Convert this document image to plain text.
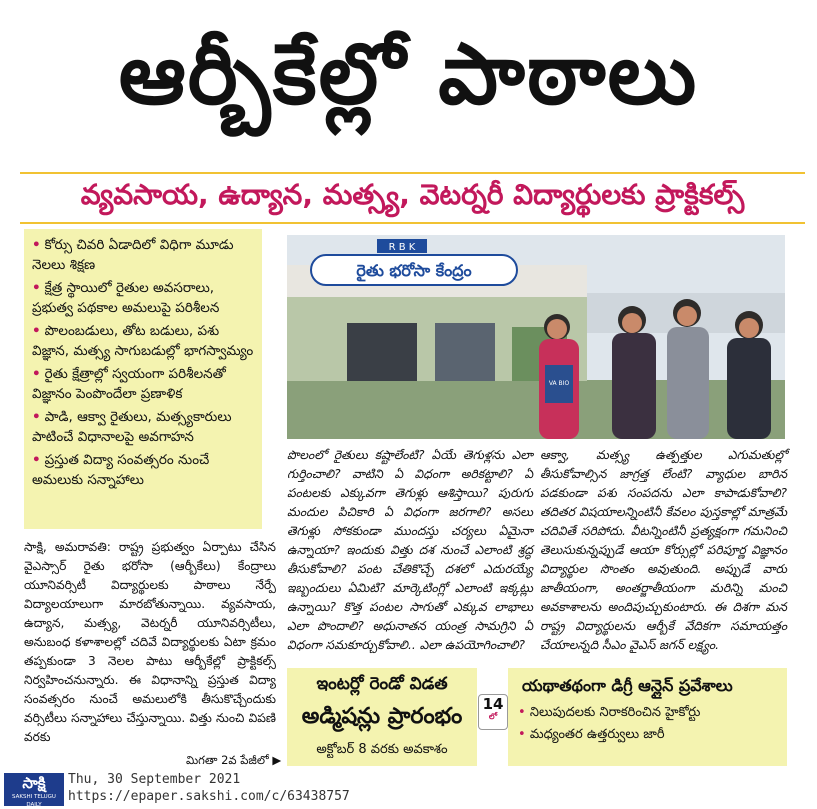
ఆర్బీకేల్లో పాఠాలు
వ్యవసాయ, ఉద్యాన, మత్స్య, వెటర్నరీ విద్యార్థులకు ప్రాక్టికల్స్
• కోర్సు చివరి ఏడాదిలో విధిగా మూడు నెలలు శిక్షణ
• క్షేత్ర స్థాయిలో రైతుల అవసరాలు, ప్రభుత్వ పథకాల అమలుపై పరిశీలన
• పొలంబడులు, తోట బడులు, పశు విజ్ఞాన, మత్స్య సాగుబడుల్లో భాగస్వామ్యం
• రైతు క్షేత్రాల్లో స్వయంగా పరిశీలనతో విజ్ఞానం పెంపొందేలా ప్రణాళిక
• పాడి, ఆక్వా రైతులు, మత్స్యకారులు పాటించే విధానాలపై అవగాహన
• ప్రస్తుత విద్యా సంవత్సరం నుంచే అమలుకు సన్నాహాలు
R B K
రైతు భరోసా కేంద్రం
VA BIO
పొలంలో రైతులు కష్టాలేంటి? ఏయే తెగుళ్లను ఎలా గుర్తించాలి? వాటిని ఏ విధంగా అరికట్టాలి? ఏ పంటలకు ఎక్కువగా తెగుళ్లు ఆశిస్తాయి? పురుగు మందుల పిచికారి ఏ విధంగా జరగాలి? అసలు తెగుళ్లు సోకకుండా ముందస్తు చర్యలు ఏమైనా ఉన్నాయా? ఇందుకు విత్తు దశ నుంచే ఎలాంటి శ్రద్ధ తీసుకోవాలి? పంట చేతికొచ్చే దశలో ఎదురయ్యే ఇబ్బందులు ఏమిటి? మార్కెటింగ్లో ఎలాంటి ఇక్కట్లు ఉన్నాయి? కొత్త పంటల సాగుతో ఎక్కువ లాభాలు ఎలా పొందాలి? అధునాతన యంత్ర సామగ్రిని ఏ విధంగా సమకూర్చుకోవాలి.. ఎలా ఉపయోగించాలి?
ఆక్వా, మత్స్య ఉత్పత్తుల ఎగుమతుల్లో తీసుకోవాల్సిన జాగ్రత్త లేంటి? వ్యాధుల బారిన పడకుండా పశు సంపదను ఎలా కాపాడుకోవాలి? తదితర విషయాలన్నింటినీ కేవలం పుస్తకాల్లో మాత్రమే చదివితే సరిపోదు. వీటన్నింటినీ ప్రత్యక్షంగా గమనించి తెలుసుకున్నప్పుడే ఆయా కోర్సుల్లో పరిపూర్ణ విజ్ఞానం విద్యార్థుల సొంతం అవుతుంది. అప్పుడే వారు జాతీయంగా, అంతర్జాతీయంగా మరిన్ని మంచి అవకాశాలను అందిపుచ్చుకుంటారు. ఈ దిశగా మన రాష్ట్ర విద్యార్థులను ఆర్బీకే వేదికగా సమాయత్తం చేయాలన్నది సీఎం వైఎస్ జగన్ లక్ష్యం.
సాక్షి, అమరావతి: రాష్ట్ర ప్రభుత్వం ఏర్పాటు చేసిన వైఎస్సార్ రైతు భరోసా (ఆర్బీకేలు) కేంద్రాలు యూనివర్సిటీ విద్యార్థులకు పాఠాలు నేర్పే విద్యాలయాలుగా మారబోతున్నాయి. వ్యవసాయ, ఉద్యాన, మత్స్య, వెటర్నరీ యూనివర్సిటీలు, అనుబంధ కళాశాలల్లో చదివే విద్యార్థులకు ఏటా క్రమం తప్పకుండా 3 నెలల పాటు ఆర్బీకేల్లో ప్రాక్టికల్స్ నిర్వహించనున్నారు. ఈ విధానాన్ని ప్రస్తుత విద్యా సంవత్సరం నుంచే అమలులోకి తీసుకొచ్చేందుకు వర్సిటీలు సన్నాహాలు చేస్తున్నాయి. విత్తు నుంచి విపణి వరకు
మిగతా 2వ పేజీలో ▶
ఇంటర్లో రెండో విడత
అడ్మిషన్లు ప్రారంభం
అక్టోబర్ 8 వరకు అవకాశం
14
లో
యథాతథంగా డిగ్రీ ఆన్లైన్ ప్రవేశాలు
• నిలుపుదలకు నిరాకరించిన హైకోర్టు
• మధ్యంతర ఉత్తర్వులు జారీ
సాక్షి
SAKSHI TELUGU DAILY
Thu, 30 September 2021
https://epaper.sakshi.com/c/63438757
